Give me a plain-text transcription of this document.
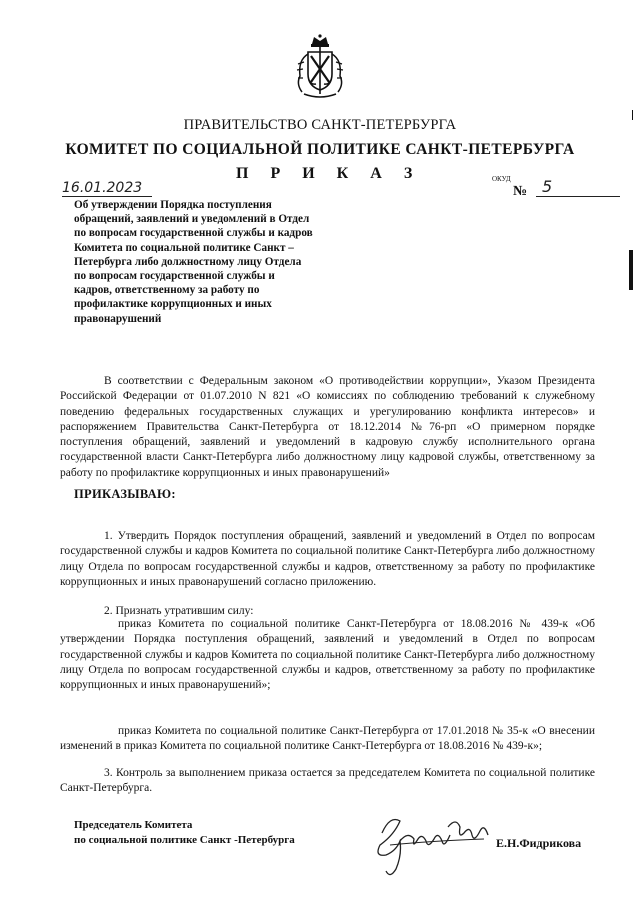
ПРАВИТЕЛЬСТВО САНКТ-ПЕТЕРБУРГА
КОМИТЕТ ПО СОЦИАЛЬНОЙ ПОЛИТИКЕ САНКТ-ПЕТЕРБУРГА
П Р И К А З	ОКУД
16.01.2023	№ 5
Об утверждении Порядка поступления обращений, заявлений и уведомлений в Отдел по вопросам государственной службы и кадров Комитета по социальной политике Санкт –Петербурга либо должностному лицу Отдела по вопросам государственной службы и кадров, ответственному за работу по профилактике коррупционных и иных правонарушений
В соответствии с Федеральным законом «О противодействии коррупции», Указом Президента Российской Федерации от 01.07.2010 N 821 «О комиссиях по соблюдению требований к служебному поведению федеральных государственных служащих и урегулированию конфликта интересов» и распоряжением Правительства Санкт-Петербурга от 18.12.2014 №76-рп «О примерном порядке поступления обращений, заявлений и уведомлений в кадровую службу исполнительного органа государственной власти Санкт-Петербурга либо должностному лицу кадровой службы, ответственному за работу по профилактике коррупционных и иных правонарушений»
ПРИКАЗЫВАЮ:
1. Утвердить Порядок поступления обращений, заявлений и уведомлений в Отдел по вопросам государственной службы и кадров Комитета по социальной политике Санкт-Петербурга либо должностному лицу Отдела по вопросам государственной службы и кадров, ответственному за работу по профилактике коррупционных и иных правонарушений согласно приложению.
2. Признать утратившим силу:
приказ Комитета по социальной политике Санкт-Петербурга от 18.08.2016 № 439-к «Об утверждении Порядка поступления обращений, заявлений и уведомлений в Отдел по вопросам государственной службы и кадров Комитета по социальной политике Санкт-Петербурга либо должностному лицу Отдела по вопросам государственной службы и кадров, ответственному за работу по профилактике коррупционных и иных правонарушений»;
приказ Комитета по социальной политике Санкт-Петербурга от 17.01.2018 № 35-к «О внесении изменений в приказ Комитета по социальной политике Санкт-Петербурга от 18.08.2016 № 439-к»;
3. Контроль за выполнением приказа остается за председателем Комитета по социальной политике Санкт-Петербурга.
Председатель Комитета
по социальной политике Санкт -Петербурга	Е.Н.Фидрикова
